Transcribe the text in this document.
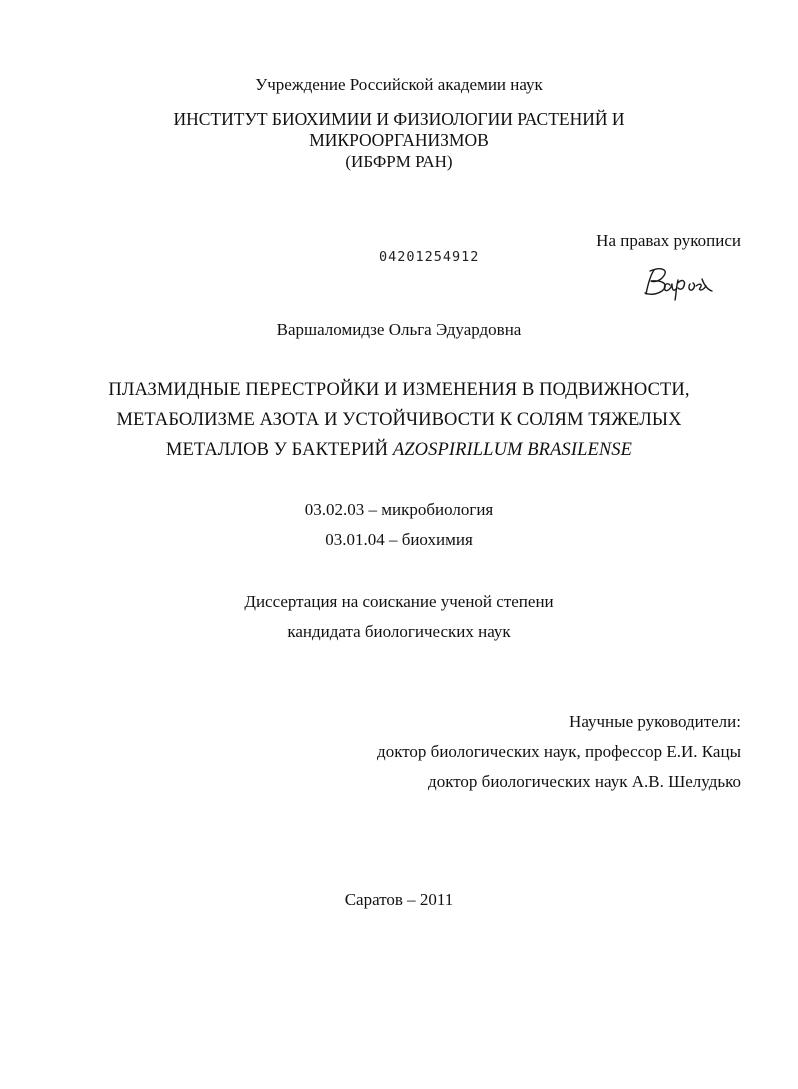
Учреждение Российской академии наук
ИНСТИТУТ БИОХИМИИ И ФИЗИОЛОГИИ РАСТЕНИЙ И
МИКРООРГАНИЗМОВ
(ИБФРМ РАН)
На правах рукописи
04201254912
Варшаломидзе Ольга Эдуардовна
ПЛАЗМИДНЫЕ ПЕРЕСТРОЙКИ И ИЗМЕНЕНИЯ В ПОДВИЖНОСТИ,
МЕТАБОЛИЗМЕ АЗОТА И УСТОЙЧИВОСТИ К СОЛЯМ ТЯЖЕЛЫХ
МЕТАЛЛОВ У БАКТЕРИЙ AZOSPIRILLUM BRASILENSE
03.02.03 – микробиология
03.01.04 – биохимия
Диссертация на соискание ученой степени
кандидата биологических наук
Научные руководители:
доктор биологических наук, профессор Е.И. Кацы
доктор биологических наук А.В. Шелудько
Саратов – 2011
